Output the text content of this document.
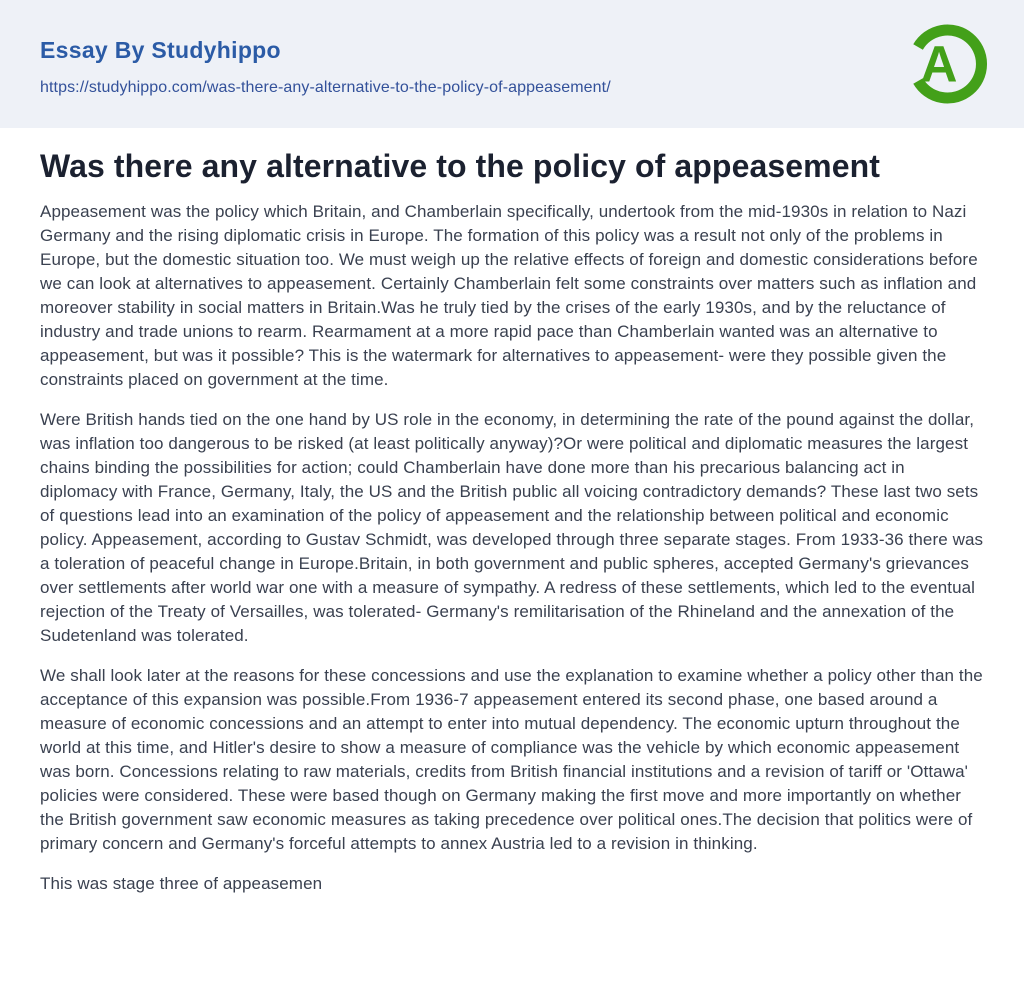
Essay By Studyhippo
https://studyhippo.com/was-there-any-alternative-to-the-policy-of-appeasement/	A
Was there any alternative to the policy of appeasement

Appeasement was the policy which Britain, and Chamberlain specifically, undertook from the mid-1930s in relation to Nazi Germany and the rising diplomatic crisis in Europe. The formation of this policy was a result not only of the problems in Europe, but the domestic situation too. We must weigh up the relative effects of foreign and domestic considerations before we can look at alternatives to appeasement. Certainly Chamberlain felt some constraints over matters such as inflation and moreover stability in social matters in Britain.Was he truly tied by the crises of the early 1930s, and by the reluctance of industry and trade unions to rearm. Rearmament at a more rapid pace than Chamberlain wanted was an alternative to appeasement, but was it possible? This is the watermark for alternatives to appeasement- were they possible given the constraints placed on government at the time.

Were British hands tied on the one hand by US role in the economy, in determining the rate of the pound against the dollar, was inflation too dangerous to be risked (at least politically anyway)?Or were political and diplomatic measures the largest chains binding the possibilities for action; could Chamberlain have done more than his precarious balancing act in diplomacy with France, Germany, Italy, the US and the British public all voicing contradictory demands? These last two sets of questions lead into an examination of the policy of appeasement and the relationship between political and economic policy. Appeasement, according to Gustav Schmidt, was developed through three separate stages. From 1933-36 there was a toleration of peaceful change in Europe.Britain, in both government and public spheres, accepted Germany's grievances over settlements after world war one with a measure of sympathy. A redress of these settlements, which led to the eventual rejection of the Treaty of Versailles, was tolerated- Germany's remilitarisation of the Rhineland and the annexation of the Sudetenland was tolerated.

We shall look later at the reasons for these concessions and use the explanation to examine whether a policy other than the acceptance of this expansion was possible.From 1936-7 appeasement entered its second phase, one based around a measure of economic concessions and an attempt to enter into mutual dependency. The economic upturn throughout the world at this time, and Hitler's desire to show a measure of compliance was the vehicle by which economic appeasement was born. Concessions relating to raw materials, credits from British financial institutions and a revision of tariff or 'Ottawa' policies were considered. These were based though on Germany making the first move and more importantly on whether the British government saw economic measures as taking precedence over political ones.The decision that politics were of primary concern and Germany's forceful attempts to annex Austria led to a revision in thinking.

This was stage three of appeasemen
